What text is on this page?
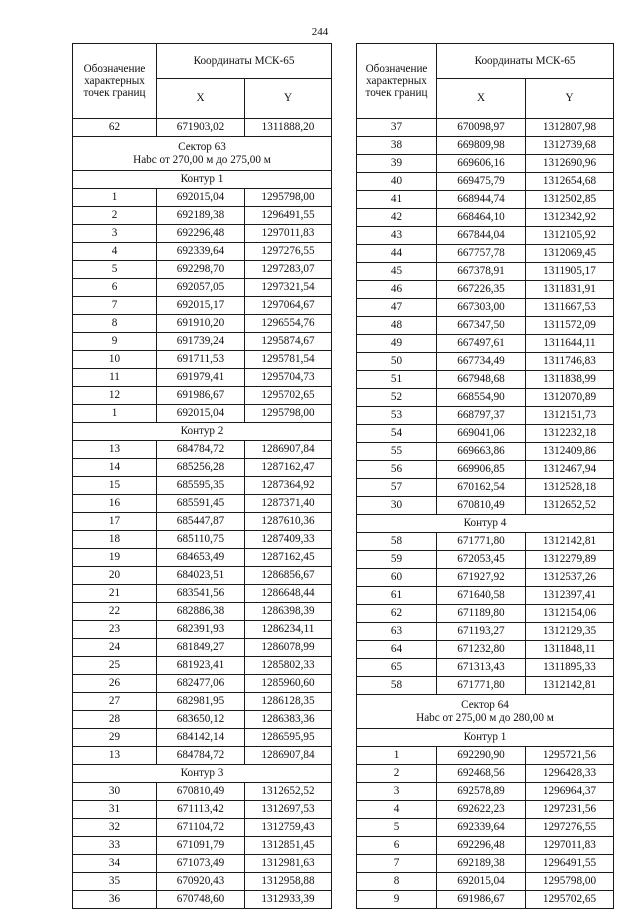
244
Обозначение характерных точек границ	Координаты МСК-65	
	X	Y
62	671903,02	1311888,20

Сектор 63
Нabс от 270,00 м до 275,00 м		

Контур 1		
1	692015,04	1295798,00
2	692189,38	1296491,55
3	692296,48	1297011,83
4	692339,64	1297276,55
5	692298,70	1297283,07
6	692057,05	1297321,54
7	692015,17	1297064,67
8	691910,20	1296554,76
9	691739,24	1295874,67
10	691711,53	1295781,54
11	691979,41	1295704,73
12	691986,67	1295702,65
1	692015,04	1295798,00
Контур 2		
13	684784,72	1286907,84
14	685256,28	1287162,47
15	685595,35	1287364,92
16	685591,45	1287371,40
17	685447,87	1287610,36
18	685110,75	1287409,33
19	684653,49	1287162,45
20	684023,51	1286856,67
21	683541,56	1286648,44
22	682886,38	1286398,39
23	682391,93	1286234,11
24	681849,27	1286078,99
25	681923,41	1285802,33
26	682477,06	1285960,60
27	682981,95	1286128,35
28	683650,12	1286383,36
29	684142,14	1286595,95
13	684784,72	1286907,84
Контур 3		
30	670810,49	1312652,52
31	671113,42	1312697,53
32	671104,72	1312759,43
33	671091,79	1312851,45
34	671073,49	1312981,63
35	670920,43	1312958,88
36	670748,60	1312933,39
Обозначение характерных точек границ	Координаты МСК-65	
	X	Y
37	670098,97	1312807,98
38	669809,98	1312739,68
39	669606,16	1312690,96
40	669475,79	1312654,68
41	668944,74	1312502,85
42	668464,10	1312342,92
43	667844,04	1312105,92
44	667757,78	1312069,45
45	667378,91	1311905,17
46	667226,35	1311831,91
47	667303,00	1311667,53
48	667347,50	1311572,09
49	667497,61	1311644,11
50	667734,49	1311746,83
51	667948,68	1311838,99
52	668554,90	1312070,89
53	668797,37	1312151,73
54	669041,06	1312232,18
55	669663,86	1312409,86
56	669906,85	1312467,94
57	670162,54	1312528,18
30	670810,49	1312652,52
Контур 4		
58	671771,80	1312142,81
59	672053,45	1312279,89
60	671927,92	1312537,26
61	671640,58	1312397,41
62	671189,80	1312154,06
63	671193,27	1312129,35
64	671232,80	1311848,11
65	671313,43	1311895,33
58	671771,80	1312142,81

Сектор 64
Нabс от 275,00 м до 280,00 м		

Контур 1		
1	692290,90	1295721,56
2	692468,56	1296428,33
3	692578,89	1296964,37
4	692622,23	1297231,56
5	692339,64	1297276,55
6	692296,48	1297011,83
7	692189,38	1296491,55
8	692015,04	1295798,00
9	691986,67	1295702,65
